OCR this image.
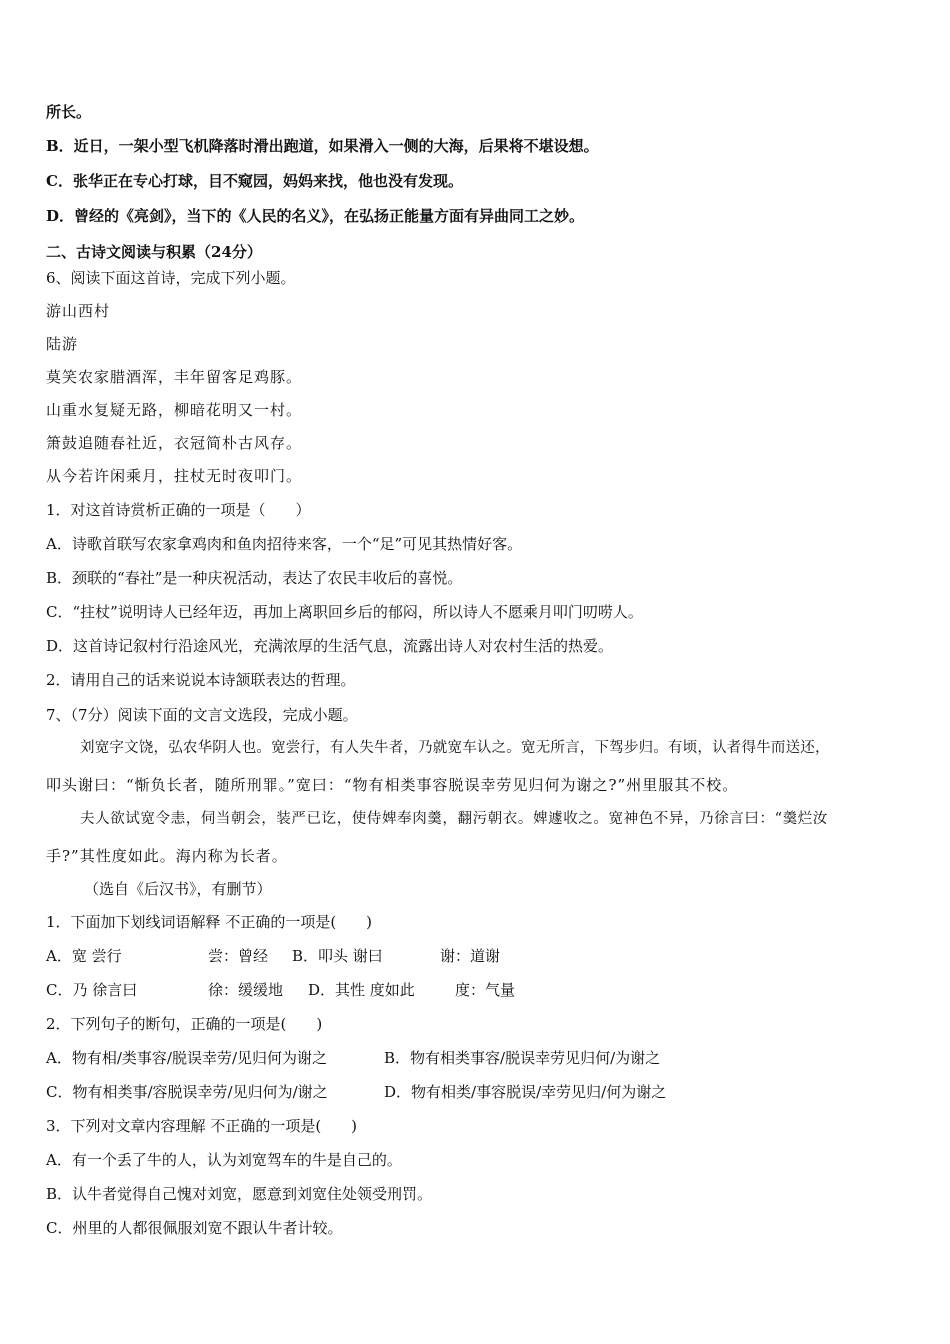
所长。
B．近日，一架小型飞机降落时滑出跑道，如果滑入一侧的大海，后果将不堪设想。
C．张华正在专心打球，目不窥园，妈妈来找，他也没有发现。
D．曾经的《亮剑》，当下的《人民的名义》，在弘扬正能量方面有异曲同工之妙。
二、古诗文阅读与积累（24分）
6、阅读下面这首诗，完成下列小题。
游山西村
陆游
莫笑农家腊酒浑，丰年留客足鸡豚。
山重水复疑无路，柳暗花明又一村。
箫鼓追随春社近，衣冠简朴古风存。
从今若许闲乘月，拄杖无时夜叩门。
1．对这首诗赏析正确的一项是（　　）
A．诗歌首联写农家拿鸡肉和鱼肉招待来客，一个“足”可见其热情好客。
B．颈联的“春社”是一种庆祝活动，表达了农民丰收后的喜悦。
C．“拄杖”说明诗人已经年迈，再加上离职回乡后的郁闷，所以诗人不愿乘月叩门叨唠人。
D．这首诗记叙村行沿途风光，充满浓厚的生活气息，流露出诗人对农村生活的热爱。
2．请用自己的话来说说本诗颔联表达的哲理。
7、（7分）阅读下面的文言文选段，完成小题。
刘宽字文饶，弘农华阴人也。宽尝行，有人失牛者，乃就宽车认之。宽无所言，下驾步归。有顷，认者得牛而送还，
叩头谢曰：“惭负长者，随所刑罪。”宽曰：“物有相类事容脱误幸劳见归何为谢之?”州里服其不校。
夫人欲试宽令恚，伺当朝会，装严已讫，使侍婢奉肉羹，翻污朝衣。婢遽收之。宽神色不异，乃徐言曰：“羹烂汝
手?”其性度如此。海内称为长者。
（选自《后汉书》，有删节）
1．下面加下划线词语解释 不正确的一项是(　　)
A．宽 尝行	尝：曾经 B．叩头 谢曰	谢：道谢
C．乃 徐言曰	徐：缓缓地 D．其性 度如此	度：气量
2．下列句子的断句，正确的一项是(　　)
A．物有相/类事容/脱误幸劳/见归何为谢之	B．物有相类事容/脱误幸劳见归何/为谢之
C．物有相类事/容脱误幸劳/见归何为/谢之	D．物有相类/事容脱误/幸劳见归/何为谢之
3．下列对文章内容理解 不正确的一项是(　　)
A．有一个丢了牛的人，认为刘宽驾车的牛是自己的。
B．认牛者觉得自己愧对刘宽，愿意到刘宽住处领受刑罚。
C．州里的人都很佩服刘宽不跟认牛者计较。
